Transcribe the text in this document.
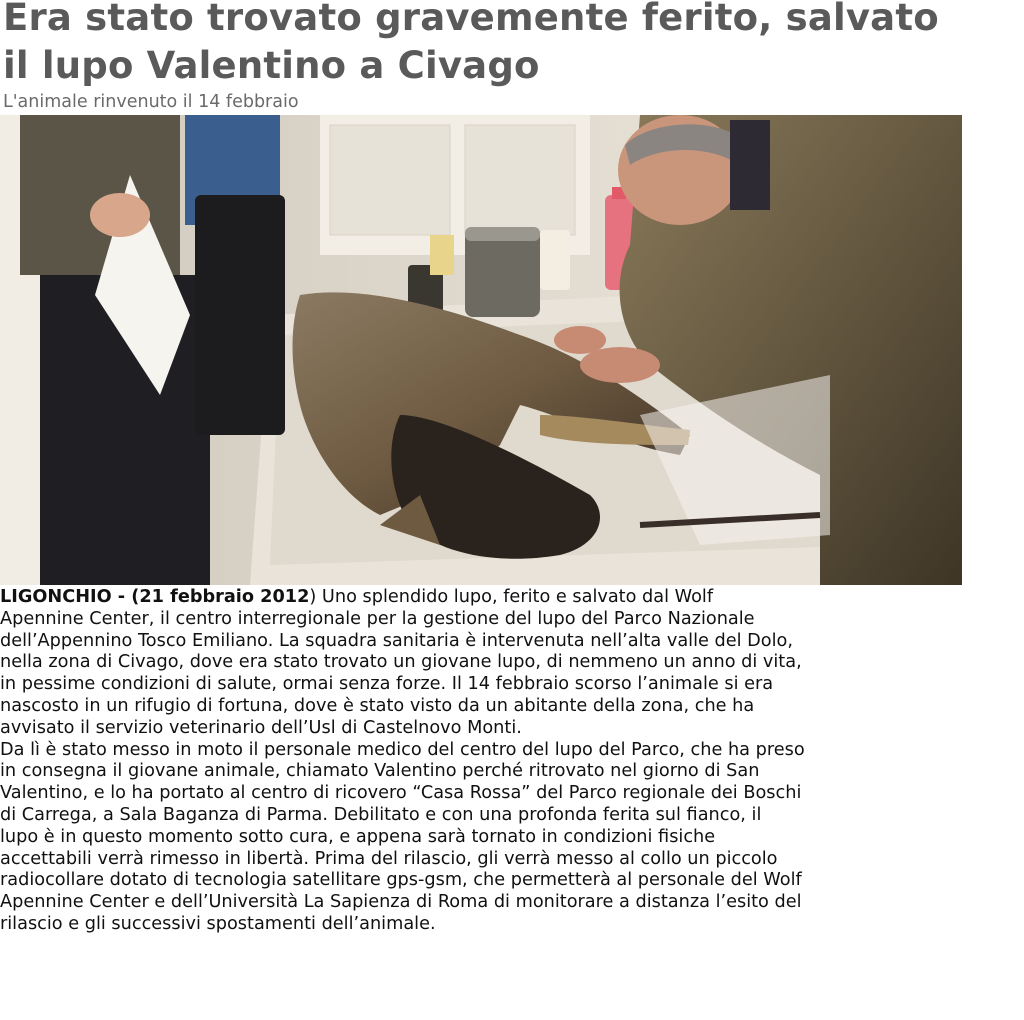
Era stato trovato gravemente ferito, salvato
il lupo Valentino a Civago

L'animale rinvenuto il 14 febbraio

LIGONCHIO - (21 febbraio 2012) Uno splendido lupo, ferito e salvato dal Wolf
Apennine Center, il centro interregionale per la gestione del lupo del Parco Nazionale
dell’Appennino Tosco Emiliano. La squadra sanitaria è intervenuta nell’alta valle del Dolo,
nella zona di Civago, dove era stato trovato un giovane lupo, di nemmeno un anno di vita,
in pessime condizioni di salute, ormai senza forze. Il 14 febbraio scorso l’animale si era
nascosto in un rifugio di fortuna, dove è stato visto da un abitante della zona, che ha
avvisato il servizio veterinario dell’Usl di Castelnovo Monti.
Da lì è stato messo in moto il personale medico del centro del lupo del Parco, che ha preso
in consegna il giovane animale, chiamato Valentino perché ritrovato nel giorno di San
Valentino, e lo ha portato al centro di ricovero “Casa Rossa” del Parco regionale dei Boschi
di Carrega, a Sala Baganza di Parma. Debilitato e con una profonda ferita sul fianco, il
lupo è in questo momento sotto cura, e appena sarà tornato in condizioni fisiche
accettabili verrà rimesso in libertà. Prima del rilascio, gli verrà messo al collo un piccolo
radiocollare dotato di tecnologia satellitare gps-gsm, che permetterà al personale del Wolf
Apennine Center e dell’Università La Sapienza di Roma di monitorare a distanza l’esito del
rilascio e gli successivi spostamenti dell’animale.
